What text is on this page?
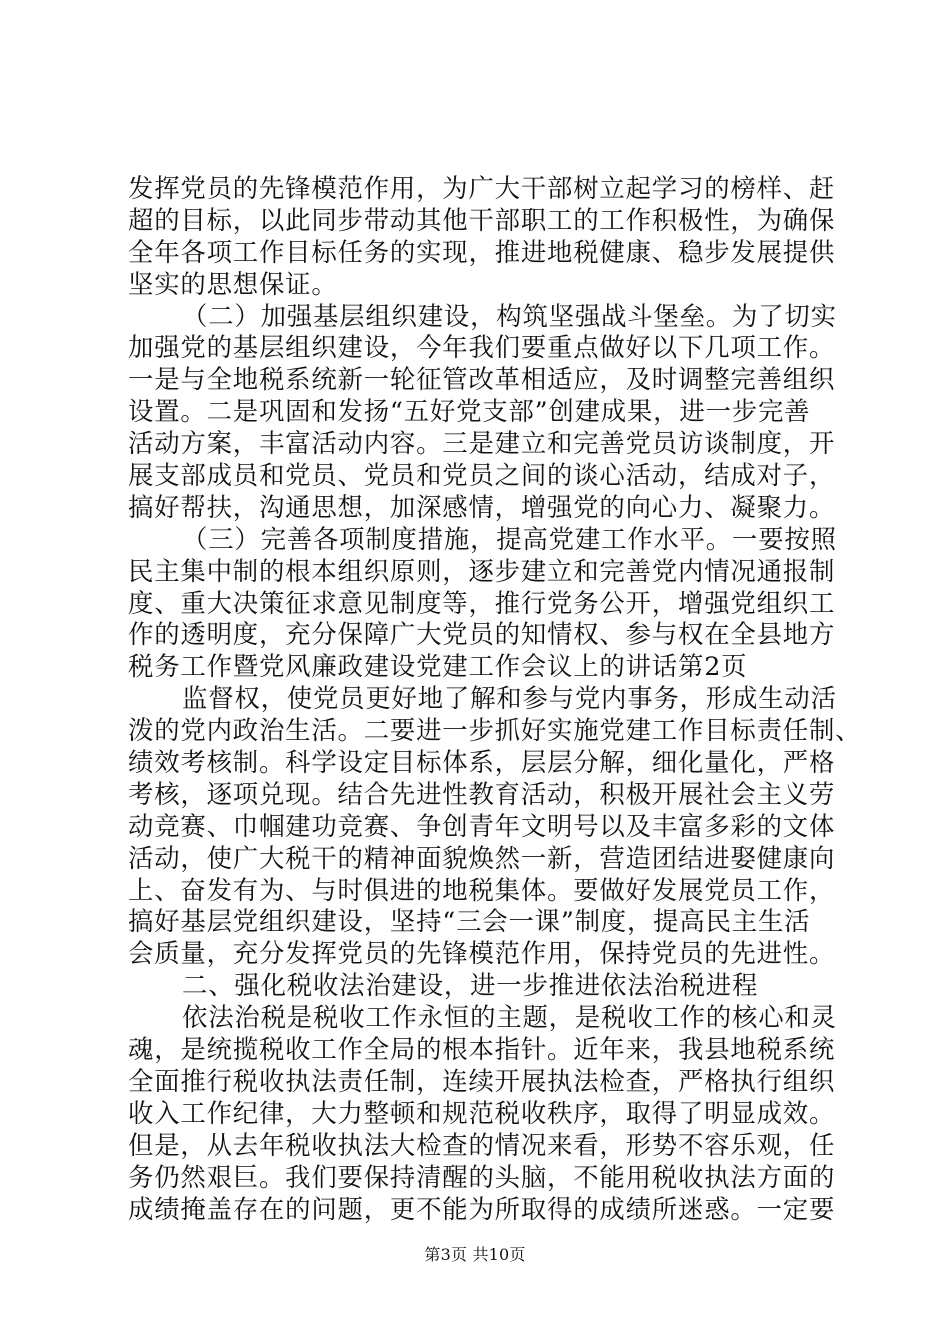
发挥党员的先锋模范作用，为广大干部树立起学习的榜样、赶
超的目标，以此同步带动其他干部职工的工作积极性，为确保
全年各项工作目标任务的实现，推进地税健康、稳步发展提供
坚实的思想保证。
（二）加强基层组织建设，构筑坚强战斗堡垒。为了切实
加强党的基层组织建设，今年我们要重点做好以下几项工作。
一是与全地税系统新一轮征管改革相适应，及时调整完善组织
设置。二是巩固和发扬“五好党支部”创建成果，进一步完善
活动方案，丰富活动内容。三是建立和完善党员访谈制度，开
展支部成员和党员、党员和党员之间的谈心活动，结成对子，
搞好帮扶，沟通思想，加深感情，增强党的向心力、凝聚力。
（三）完善各项制度措施，提高党建工作水平。一要按照
民主集中制的根本组织原则，逐步建立和完善党内情况通报制
度、重大决策征求意见制度等，推行党务公开，增强党组织工
作的透明度，充分保障广大党员的知情权、参与权在全县地方
税务工作暨党风廉政建设党建工作会议上的讲话第2页
监督权，使党员更好地了解和参与党内事务，形成生动活
泼的党内政治生活。二要进一步抓好实施党建工作目标责任制、
绩效考核制。科学设定目标体系，层层分解，细化量化，严格
考核，逐项兑现。结合先进性教育活动，积极开展社会主义劳
动竞赛、巾帼建功竞赛、争创青年文明号以及丰富多彩的文体
活动，使广大税干的精神面貌焕然一新，营造团结进娶健康向
上、奋发有为、与时俱进的地税集体。要做好发展党员工作，
搞好基层党组织建设，坚持“三会一课”制度，提高民主生活
会质量，充分发挥党员的先锋模范作用，保持党员的先进性。
二、强化税收法治建设，进一步推进依法治税进程
依法治税是税收工作永恒的主题，是税收工作的核心和灵
魂，是统揽税收工作全局的根本指针。近年来，我县地税系统
全面推行税收执法责任制，连续开展执法检查，严格执行组织
收入工作纪律，大力整顿和规范税收秩序，取得了明显成效。
但是，从去年税收执法大检查的情况来看，形势不容乐观，任
务仍然艰巨。我们要保持清醒的头脑，不能用税收执法方面的
成绩掩盖存在的问题，更不能为所取得的成绩所迷惑。一定要
第3页 共10页
